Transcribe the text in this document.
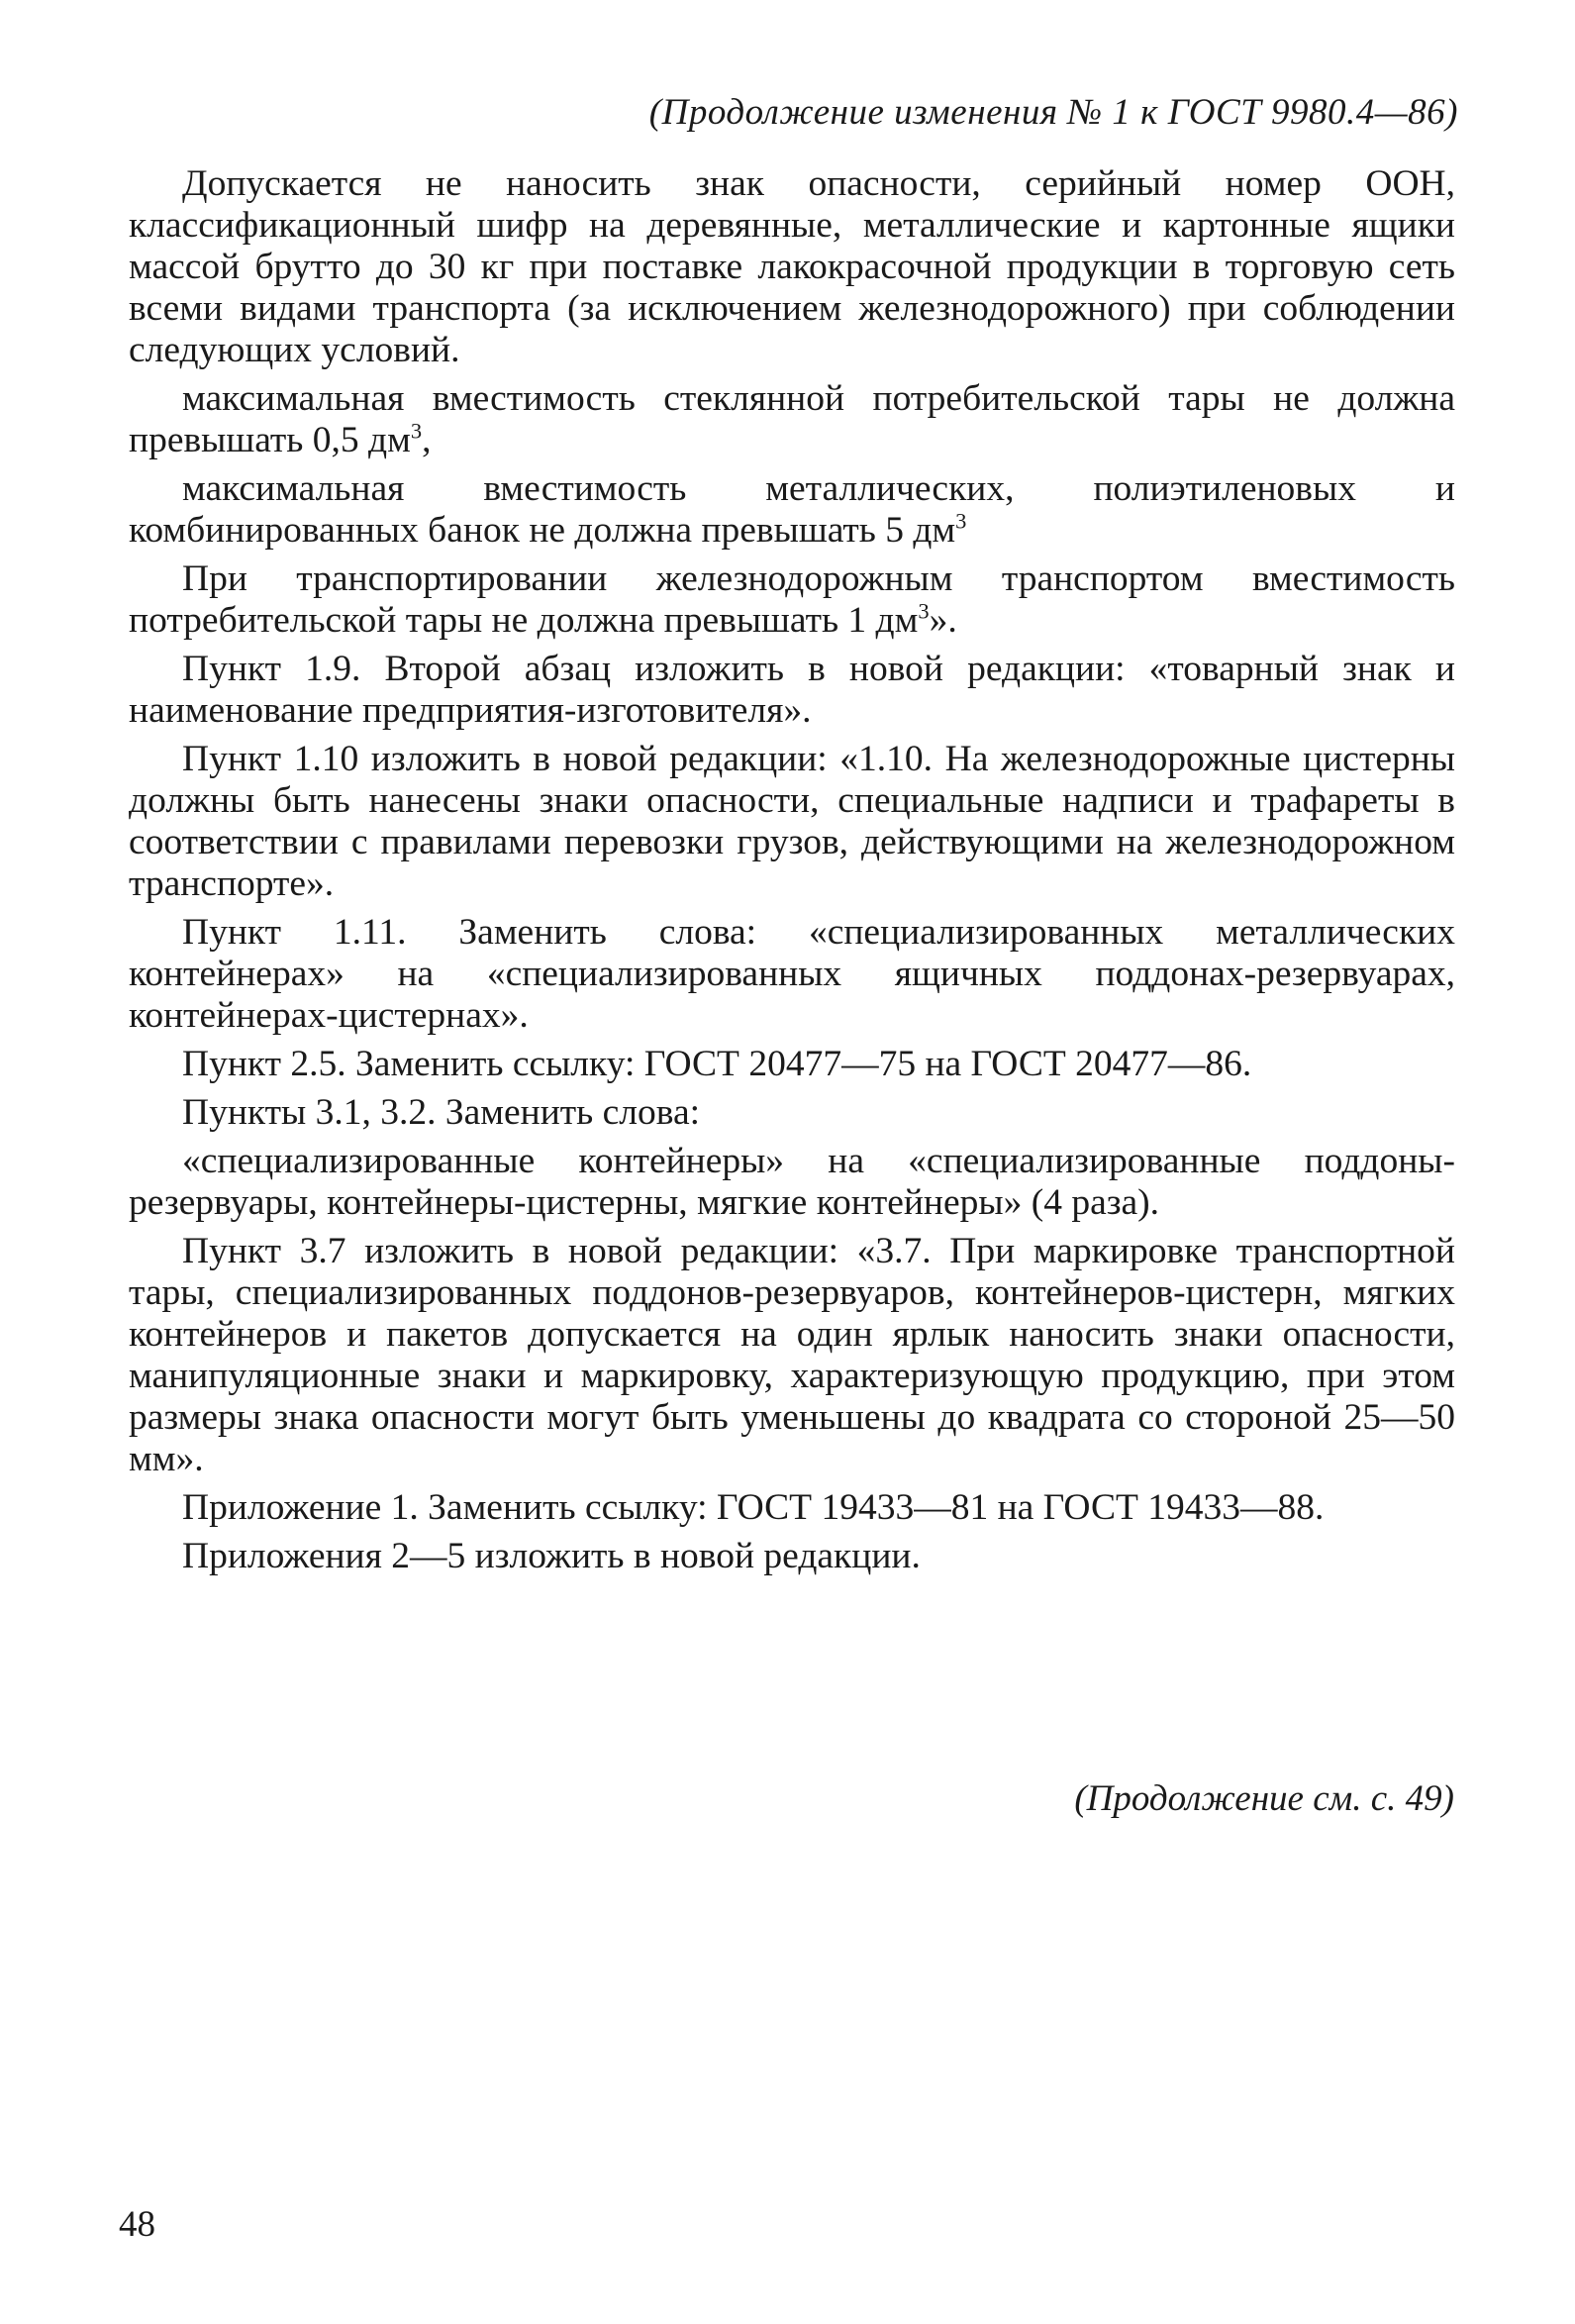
(Продолжение изменения № 1 к ГОСТ 9980.4—86)

Допускается не наносить знак опасности, серийный номер ООН, классификационный шифр на деревянные, металлические и картонные ящики массой брутто до 30 кг при поставке лакокрасочной продукции в торговую сеть всеми видами транспорта (за исключением железнодорожного) при соблюдении следующих условий.

максимальная вместимость стеклянной потребительской тары не должна превышать 0,5 $дм^3$,

максимальная вместимость металлических, полиэтиленовых и комбинированных банок не должна превышать 5 $дм^3$

При транспортировании железнодорожным транспортом вместимость потребительской тары не должна превышать 1 $дм^3$».

Пункт 1.9. Второй абзац изложить в новой редакции: «товарный знак и наименование предприятия-изготовителя».

Пункт 1.10 изложить в новой редакции: «1.10. На железнодорожные цистерны должны быть нанесены знаки опасности, специальные надписи и трафареты в соответствии с правилами перевозки грузов, действующими на железнодорожном транспорте».

Пункт 1.11. Заменить слова: «специализированных металлических контейнерах» на «специализированных ящичных поддонах-резервуарах, контейнерах-цистернах».

Пункт 2.5. Заменить ссылку: ГОСТ 20477—75 на ГОСТ 20477—86.

Пункты 3.1, 3.2. Заменить слова:

«специализированные контейнеры» на «специализированные поддоны-резервуары, контейнеры-цистерны, мягкие контейнеры» (4 раза).

Пункт 3.7 изложить в новой редакции: «3.7. При маркировке транспортной тары, специализированных поддонов-резервуаров, контейнеров-цистерн, мягких контейнеров и пакетов допускается на один ярлык наносить знаки опасности, манипуляционные знаки и маркировку, характеризующую продукцию, при этом размеры знака опасности могут быть уменьшены до квадрата со стороной 25—50 мм».

Приложение 1. Заменить ссылку: ГОСТ 19433—81 на ГОСТ 19433—88.

Приложения 2—5 изложить в новой редакции.

(Продолжение см. с. 49)
48
